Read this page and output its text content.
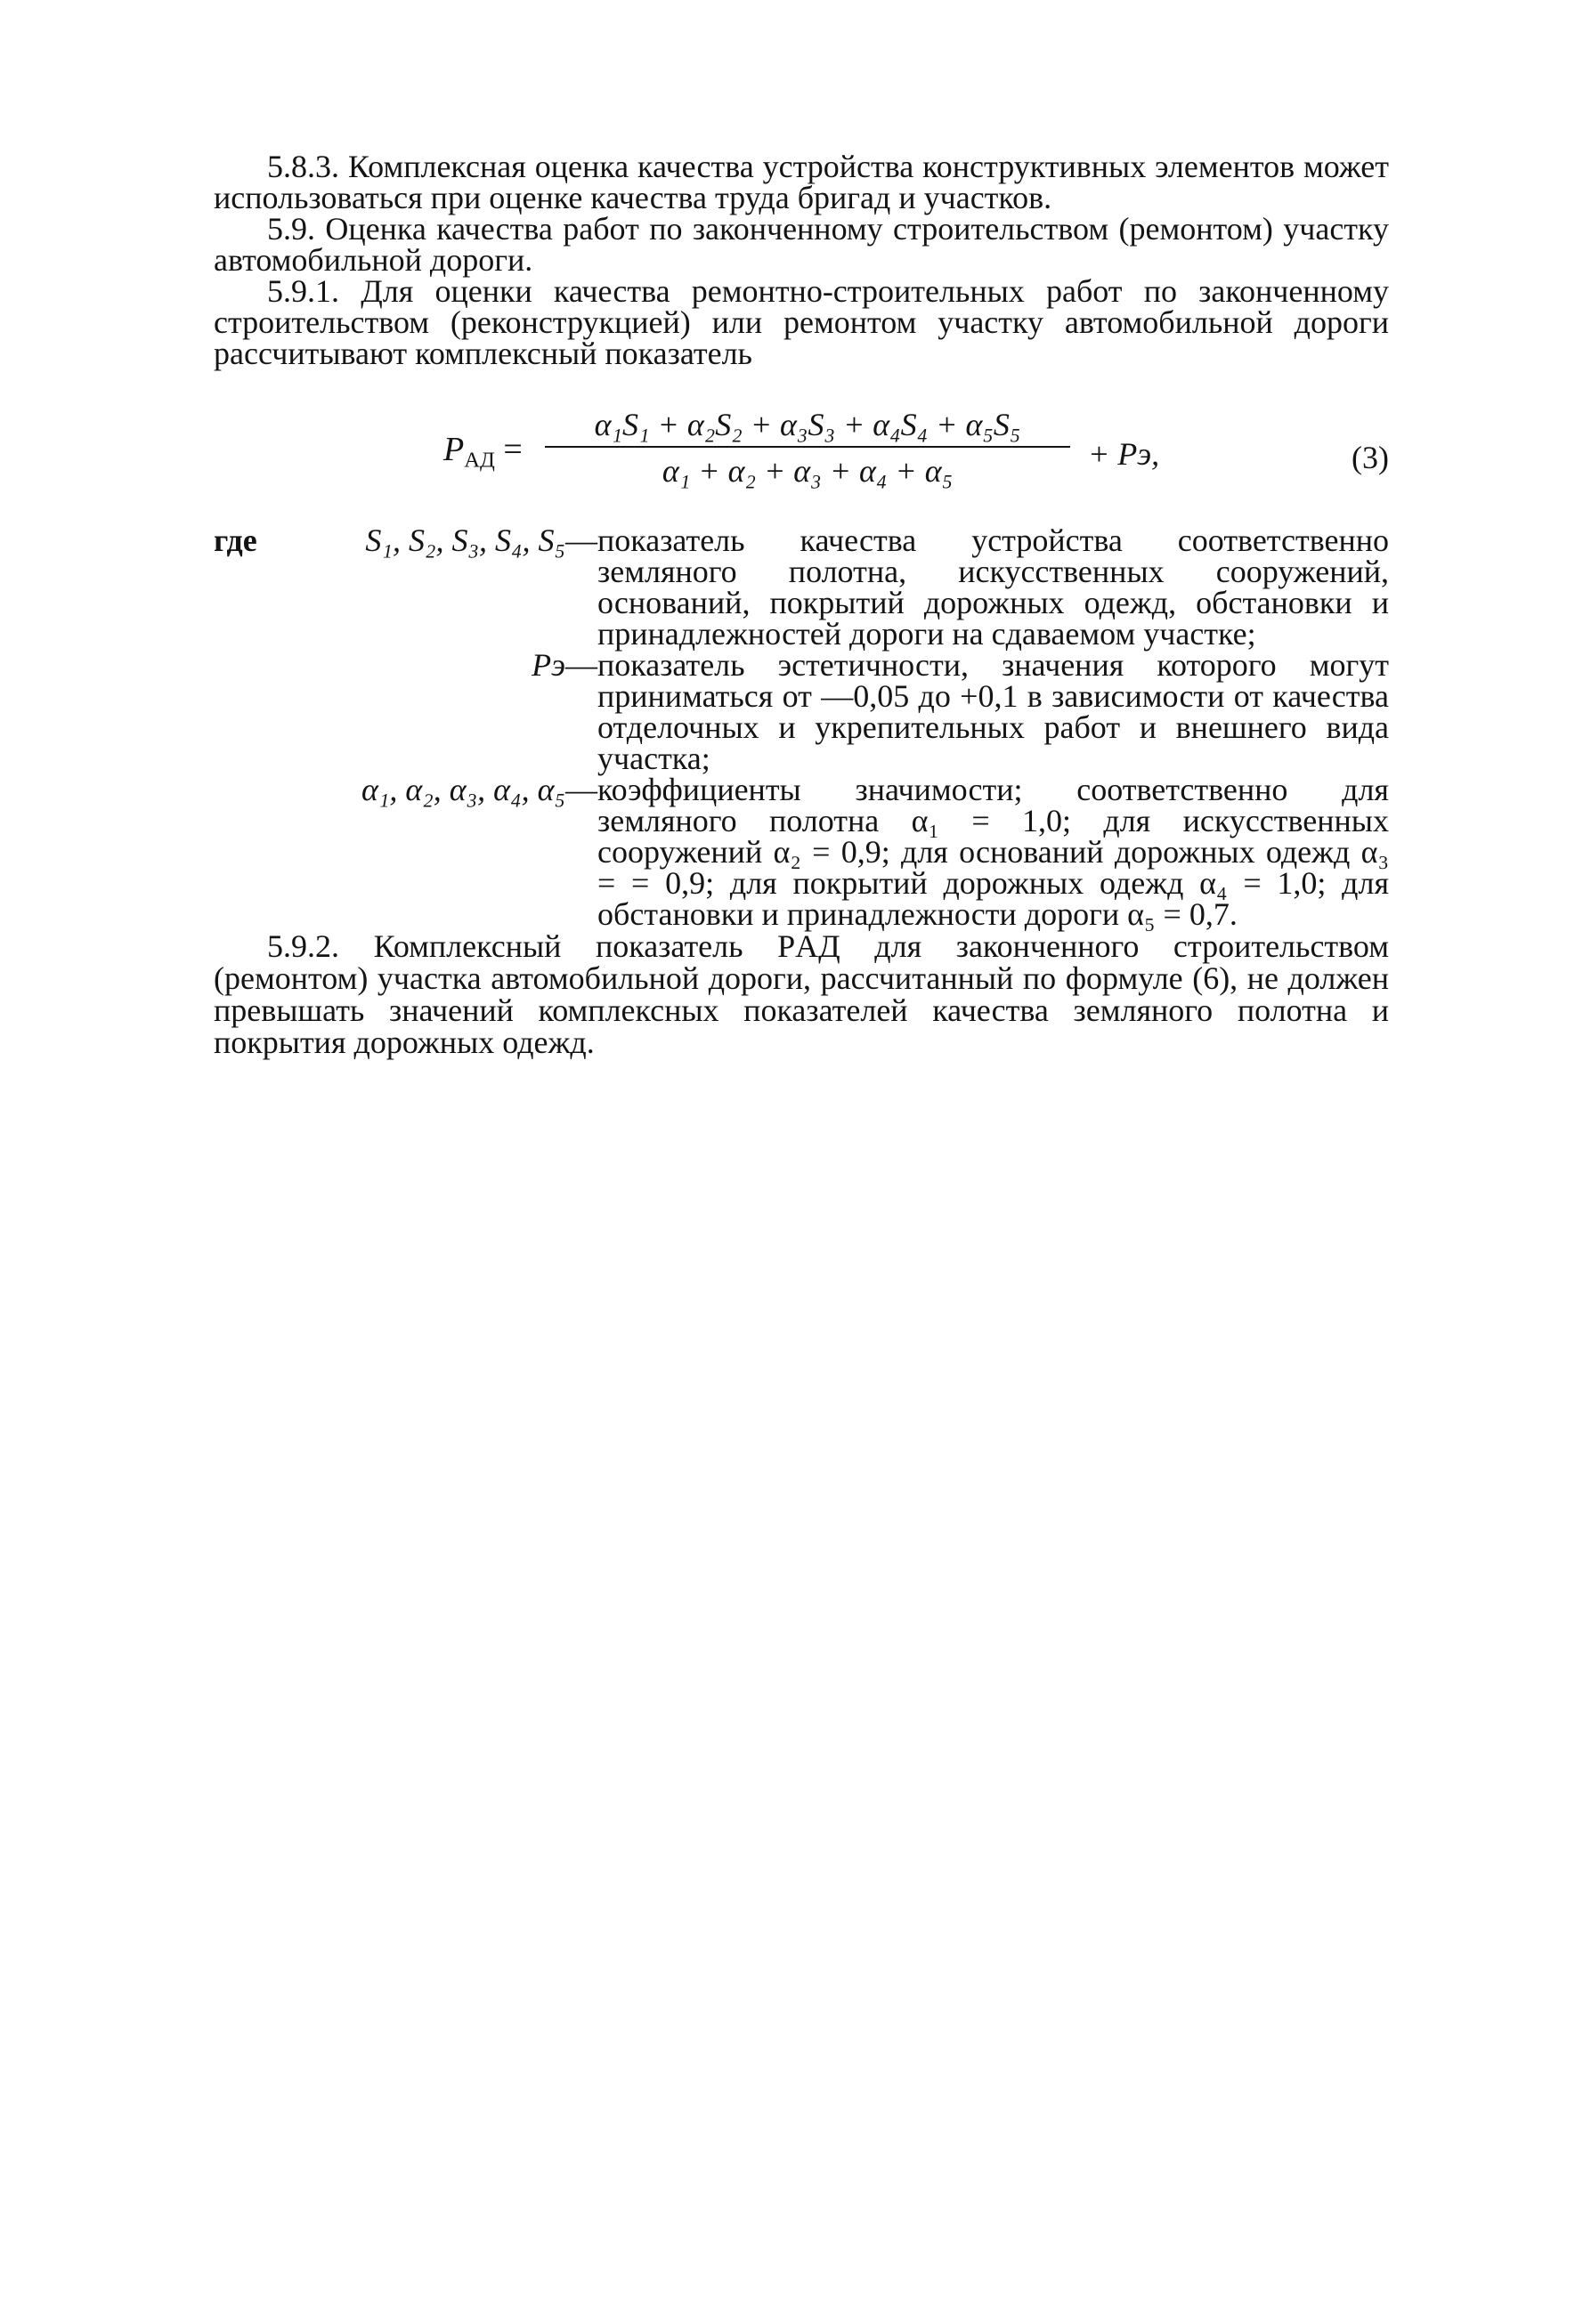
5.8.3. Комплексная оценка качества устройства конструктивных элементов может использоваться при оценке качества труда бригад и участков.

5.9. Оценка качества работ по законченному строительством (ремонтом) участку автомобильной дороги.

5.9.1. Для оценки качества ремонтно-строительных работ по законченному строительством (реконструкцией) или ремонтом участку автомобильной дороги рассчитывают комплексный показатель

$P_{АД}$ =
α₁S₁ + α₂S₂ + α₃S₃ + α₄S₄ + α₅S₅
α₁ + α₂ + α₃ + α₄ + α₅	+ Pэ,	(3)
где	S₁, S₂, S₃, S₄, S₅ — показатель качества устройства соответственно земляного полотна, искусственных сооружений, оснований, покрытий дорожных одежд, обстановки и принадлежностей дороги на сдаваемом участке;
Pэ — показатель эстетичности, значения которого могут приниматься от —0,05 до +0,1 в зависимости от качества отделочных и укрепительных работ и внешнего вида участка;
α₁, α₂, α₃, α₄, α₅ — коэффициенты значимости; соответственно для земляного полотна α₁ = 1,0; для искусственных сооружений α₂ = 0,9; для оснований дорожных одежд α₃ = = 0,9; для покрытий дорожных одежд α₄ = 1,0; для обстановки и принадлежности дороги α₅ = 0,7.

5.9.2. Комплексный показатель PАД для законченного строительством (ремонтом) участка автомобильной дороги, рассчитанный по формуле (6), не должен превышать значений комплексных показателей качества земляного полотна и покрытия дорожных одежд.
